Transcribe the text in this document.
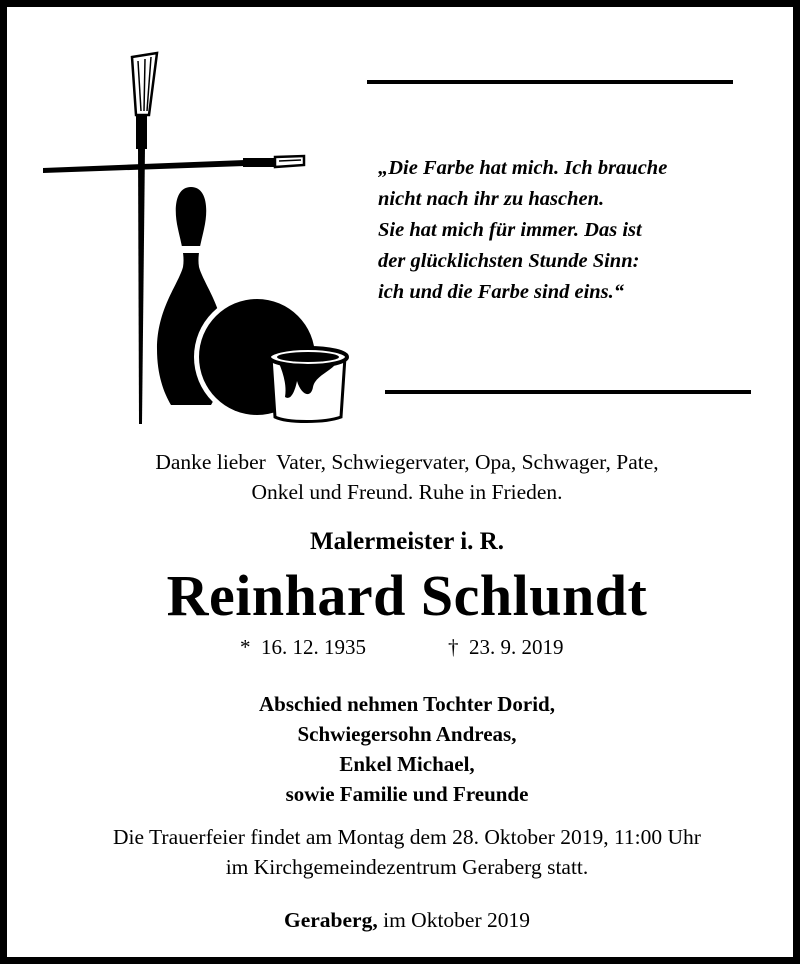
„Die Farbe hat mich. Ich brauche
nicht nach ihr zu haschen.
Sie hat mich für immer. Das ist
der glücklichsten Stunde Sinn:
ich und die Farbe sind eins.“

Danke lieber  Vater, Schwiegervater, Opa, Schwager, Pate,
Onkel und Freund. Ruhe in Frieden.
Malermeister i. R.
Reinhard Schlundt
*  16. 12. 1935	†  23. 9. 2019
Abschied nehmen Tochter Dorid,
Schwiegersohn Andreas,
Enkel Michael,
sowie Familie und Freunde
Die Trauerfeier findet am Montag dem 28. Oktober 2019, 11:00 Uhr
im Kirchgemeindezentrum Geraberg statt.
Geraberg, im Oktober 2019
